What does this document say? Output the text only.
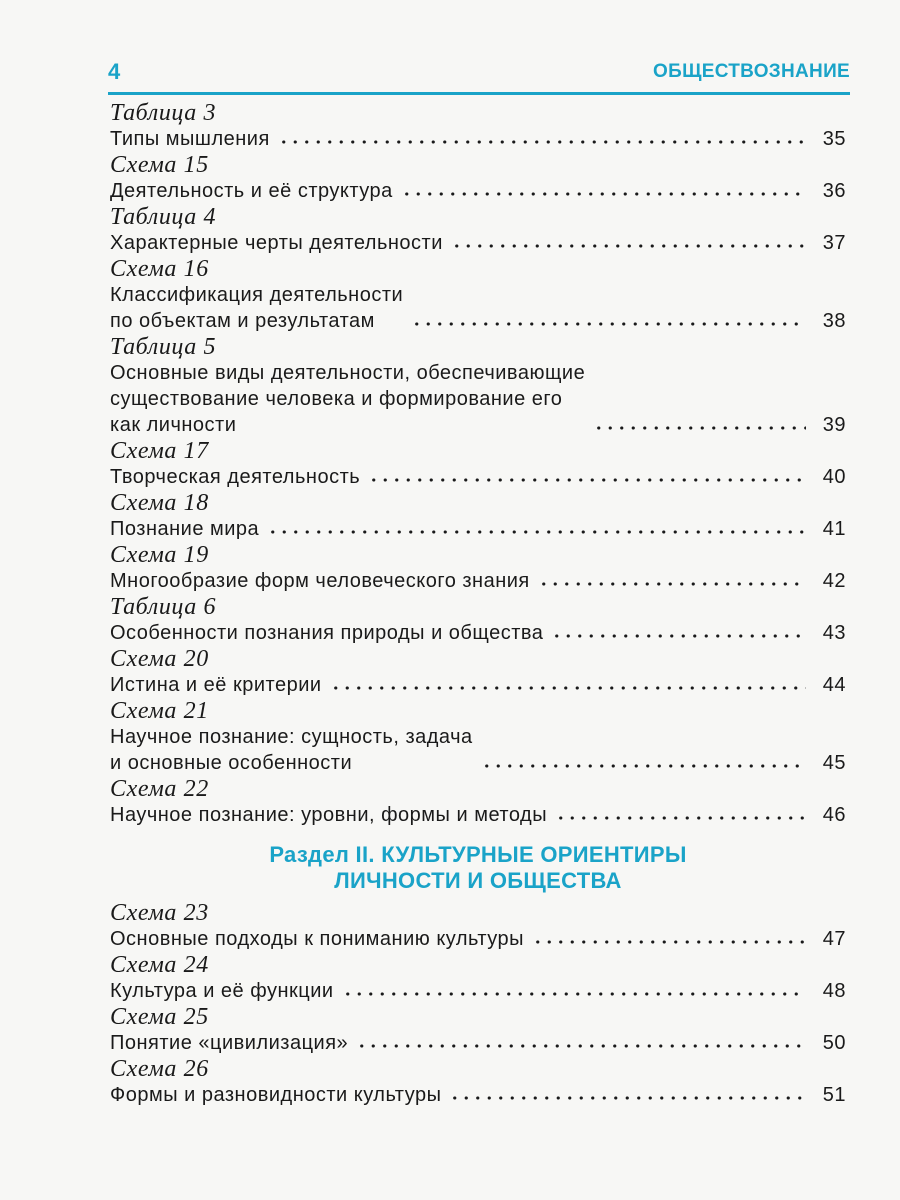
4	ОБЩЕСТВОЗНАНИЕ
Таблица 3
Типы мышления	35
Схема 15
Деятельность и её структура	36
Таблица 4
Характерные черты деятельности	37
Схема 16
Классификация деятельности
по объектам и результатам	38
Таблица 5
Основные виды деятельности, обеспечивающие
существование человека и формирование его
как личности	39
Схема 17
Творческая деятельность	40
Схема 18
Познание мира	41
Схема 19
Многообразие форм человеческого знания	42
Таблица 6
Особенности познания природы и общества	43
Схема 20
Истина и её критерии	44
Схема 21
Научное познание: сущность, задача
и основные особенности	45
Схема 22
Научное познание: уровни, формы и методы	46
Раздел II. КУЛЬТУРНЫЕ ОРИЕНТИРЫ
ЛИЧНОСТИ И ОБЩЕСТВА
Схема 23
Основные подходы к пониманию культуры	47
Схема 24
Культура и её функции	48
Схема 25
Понятие «цивилизация»	50
Схема 26
Формы и разновидности культуры	51
